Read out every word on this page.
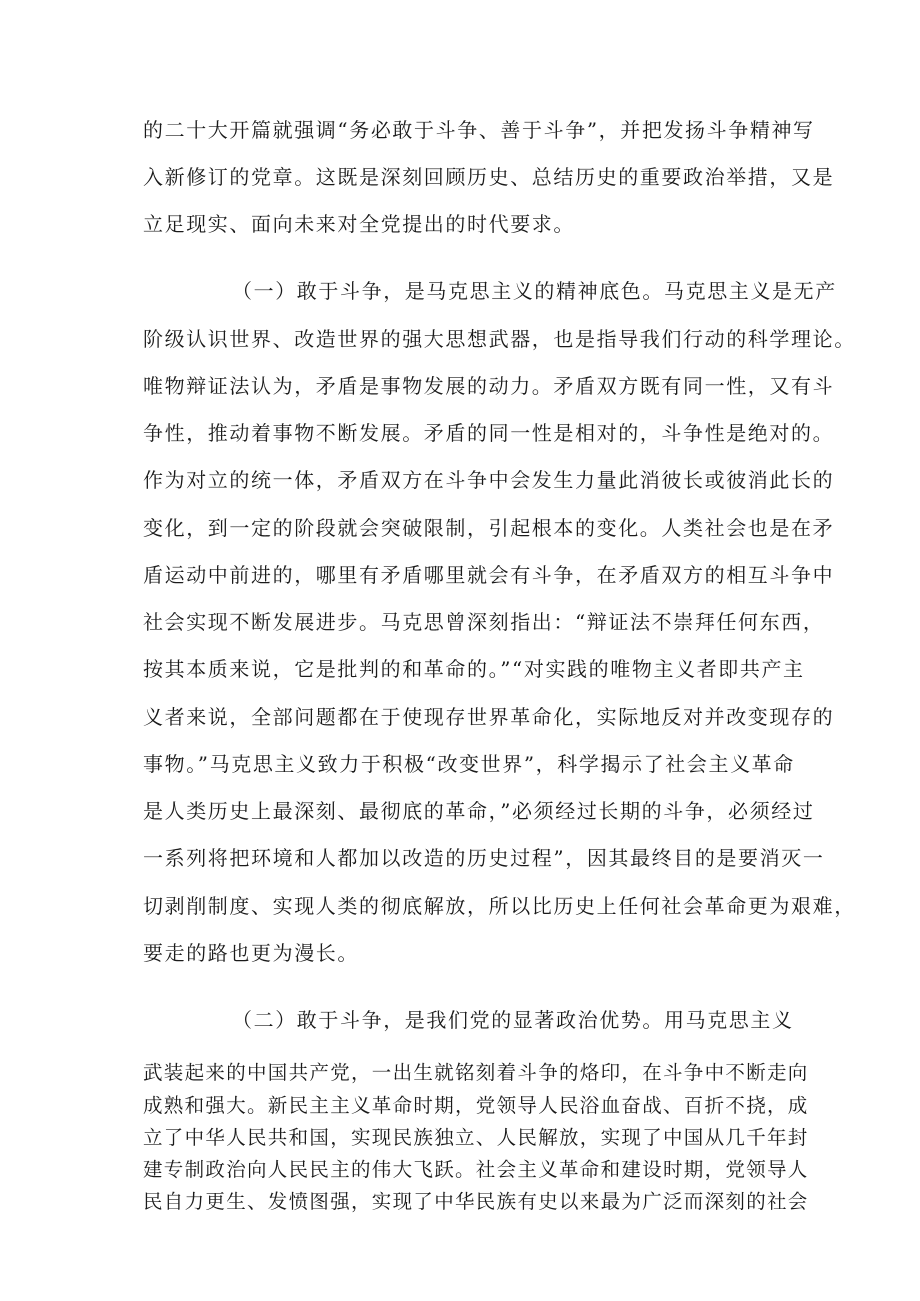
的二十大开篇就强调“务必敢于斗争、善于斗争”，并把发扬斗争精神写
入新修订的党章。这既是深刻回顾历史、总结历史的重要政治举措，又是
立足现实、面向未来对全党提出的时代要求。
（一）敢于斗争，是马克思主义的精神底色。马克思主义是无产
阶级认识世界、改造世界的强大思想武器，也是指导我们行动的科学理论。
唯物辩证法认为，矛盾是事物发展的动力。矛盾双方既有同一性，又有斗
争性，推动着事物不断发展。矛盾的同一性是相对的，斗争性是绝对的。
作为对立的统一体，矛盾双方在斗争中会发生力量此消彼长或彼消此长的
变化，到一定的阶段就会突破限制，引起根本的变化。人类社会也是在矛
盾运动中前进的，哪里有矛盾哪里就会有斗争，在矛盾双方的相互斗争中
社会实现不断发展进步。马克思曾深刻指出：“辩证法不崇拜任何东西，
按其本质来说，它是批判的和革命的。”“对实践的唯物主义者即共产主
义者来说，全部问题都在于使现存世界革命化，实际地反对并改变现存的
事物。”马克思主义致力于积极“改变世界”，科学揭示了社会主义革命
是人类历史上最深刻、最彻底的革命，”必须经过长期的斗争，必须经过
一系列将把环境和人都加以改造的历史过程”，因其最终目的是要消灭一
切剥削制度、实现人类的彻底解放，所以比历史上任何社会革命更为艰难，
要走的路也更为漫长。
（二）敢于斗争，是我们党的显著政治优势。用马克思主义
武装起来的中国共产党，一出生就铭刻着斗争的烙印，在斗争中不断走向
成熟和强大。新民主主义革命时期，党领导人民浴血奋战、百折不挠，成
立了中华人民共和国，实现民族独立、人民解放，实现了中国从几千年封
建专制政治向人民民主的伟大飞跃。社会主义革命和建设时期，党领导人
民自力更生、发愤图强，实现了中华民族有史以来最为广泛而深刻的社会
